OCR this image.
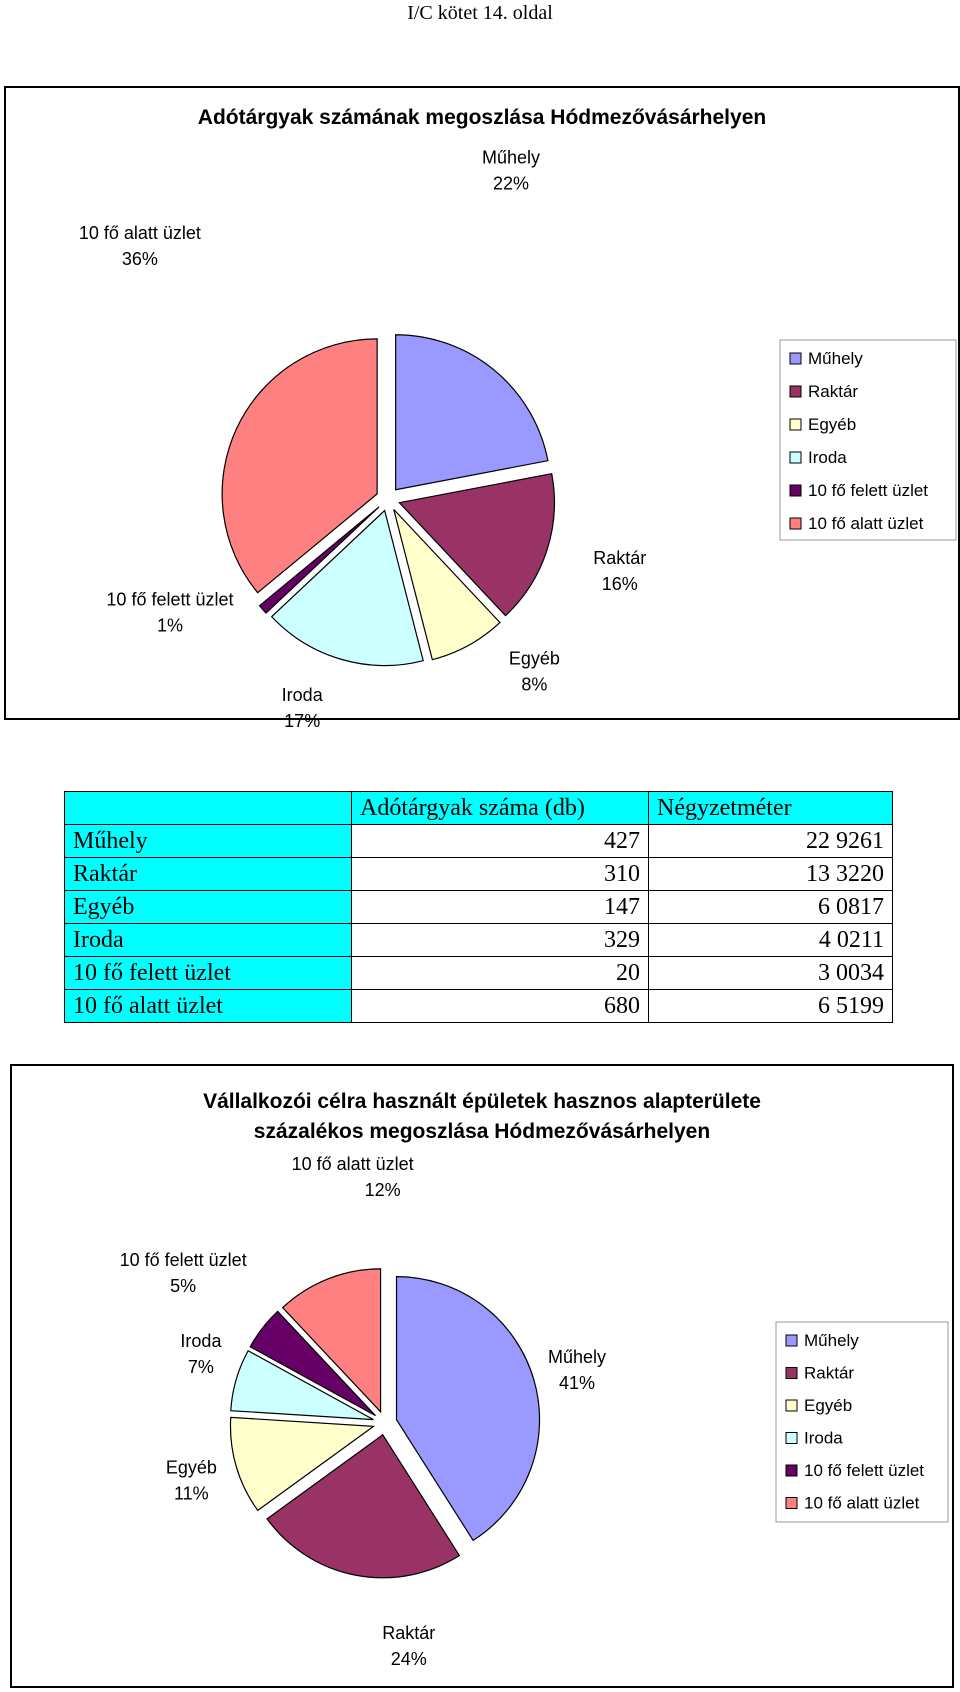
I/C kötet 14. oldal
Adótárgyak számának megoszlása Hódmezővásárhelyen
Műhely
22%
Raktár
16%
Egyéb
8%
Iroda
17%
10 fő felett üzlet
1%
10 fő alatt üzlet
36%
Műhely
Raktár
Egyéb
Iroda
10 fő felett üzlet
10 fő alatt üzlet
	Adótárgyak száma (db)	Négyzetméter
Műhely	427	22 9261
Raktár	310	13 3220
Egyéb	147	6 0817
Iroda	329	4 0211
10 fő felett üzlet	20	3 0034
10 fő alatt üzlet	680	6 5199
Vállalkozói célra használt épületek hasznos alapterülete
százalékos megoszlása Hódmezővásárhelyen
Műhely
41%
Raktár
24%
Egyéb
11%
Iroda
7%
10 fő felett üzlet
5%
10 fő alatt üzlet
12%
Műhely
Raktár
Egyéb
Iroda
10 fő felett üzlet
10 fő alatt üzlet
